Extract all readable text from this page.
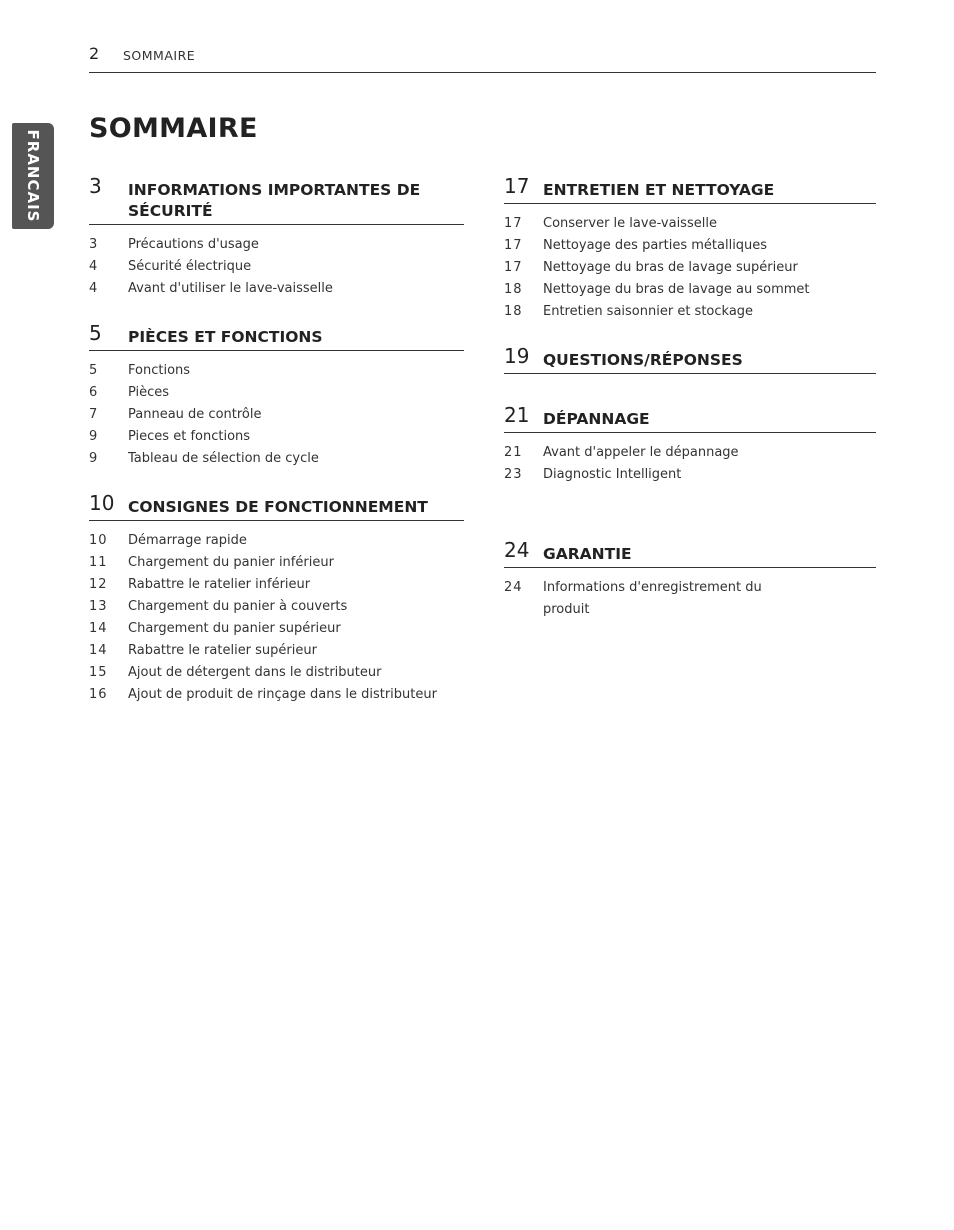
2 SOMMAIRE
FRANCAIS
SOMMAIRE
3 INFORMATIONS IMPORTANTES DE SÉCURITÉ
3	Précautions d'usage
4	Sécurité électrique
4	Avant d'utiliser le lave-vaisselle
5 PIÈCES ET FONCTIONS
5	Fonctions
6	Pièces
7	Panneau de contrôle
9	Pieces et fonctions
9	Tableau de sélection de cycle
10 CONSIGNES DE FONCTIONNEMENT
10	Démarrage rapide
11	Chargement du panier inférieur
12	Rabattre le ratelier inférieur
13	Chargement du panier à couverts
14	Chargement du panier supérieur
14	Rabattre le ratelier supérieur
15	Ajout de détergent dans le distributeur
16	Ajout de produit de rinçage dans le distributeur
17 ENTRETIEN ET NETTOYAGE
17	Conserver le lave-vaisselle
17	Nettoyage des parties métalliques
17	Nettoyage du bras de lavage supérieur
18	Nettoyage du bras de lavage au sommet
18	Entretien saisonnier et stockage
19 QUESTIONS/RÉPONSES
21 DÉPANNAGE
21	Avant d'appeler le dépannage
23	Diagnostic Intelligent
24 GARANTIE
24	Informations d'enregistrement du produit
